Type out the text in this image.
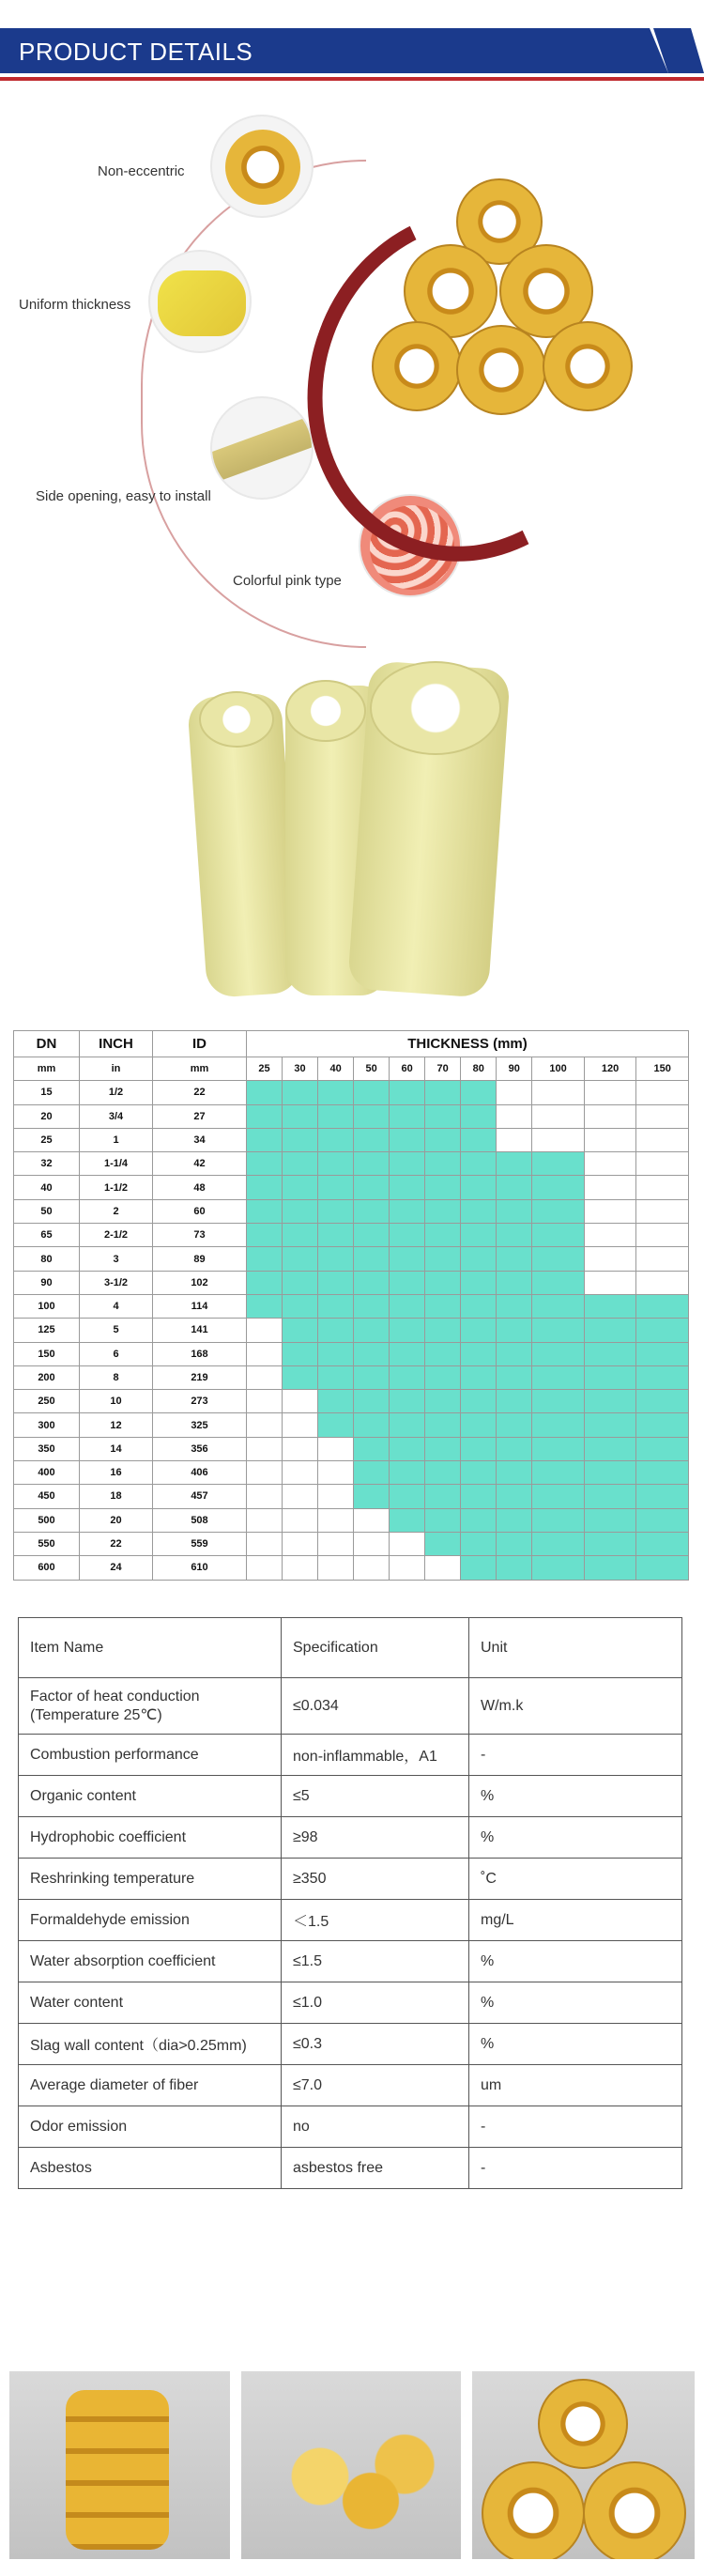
PRODUCT DETAILS
Non-eccentric
Uniform thickness
Side opening, easy to install
Colorful pink type
DN	INCH	ID	THICKNESS (mm)										
mm	in	mm	25	30	40	50	60	70	80	90	100	120	150
15	1/2	22											
20	3/4	27											
25	1	34											
32	1-1/4	42											
40	1-1/2	48											
50	2	60											
65	2-1/2	73											
80	3	89											
90	3-1/2	102											
100	4	114											
125	5	141											
150	6	168											
200	8	219											
250	10	273											
300	12	325											
350	14	356											
400	16	406											
450	18	457											
500	20	508											
550	22	559											
600	24	610											
Item Name	Specification	Unit
Factor of heat conduction (Temperature 25℃)	≤0.034	W/m.k
Combustion performance	non-inflammable，A1	-
Organic content	≤5	%
Hydrophobic coefficient	≥98	%
Reshrinking temperature	≥350	˚C
Formaldehyde emission	＜1.5	mg/L
Water absorption coefficient	≤1.5	%
Water content	≤1.0	%
Slag wall content（dia>0.25mm)	≤0.3	%
Average diameter of fiber	≤7.0	um
Odor emission	no	-
Asbestos	asbestos free	-
